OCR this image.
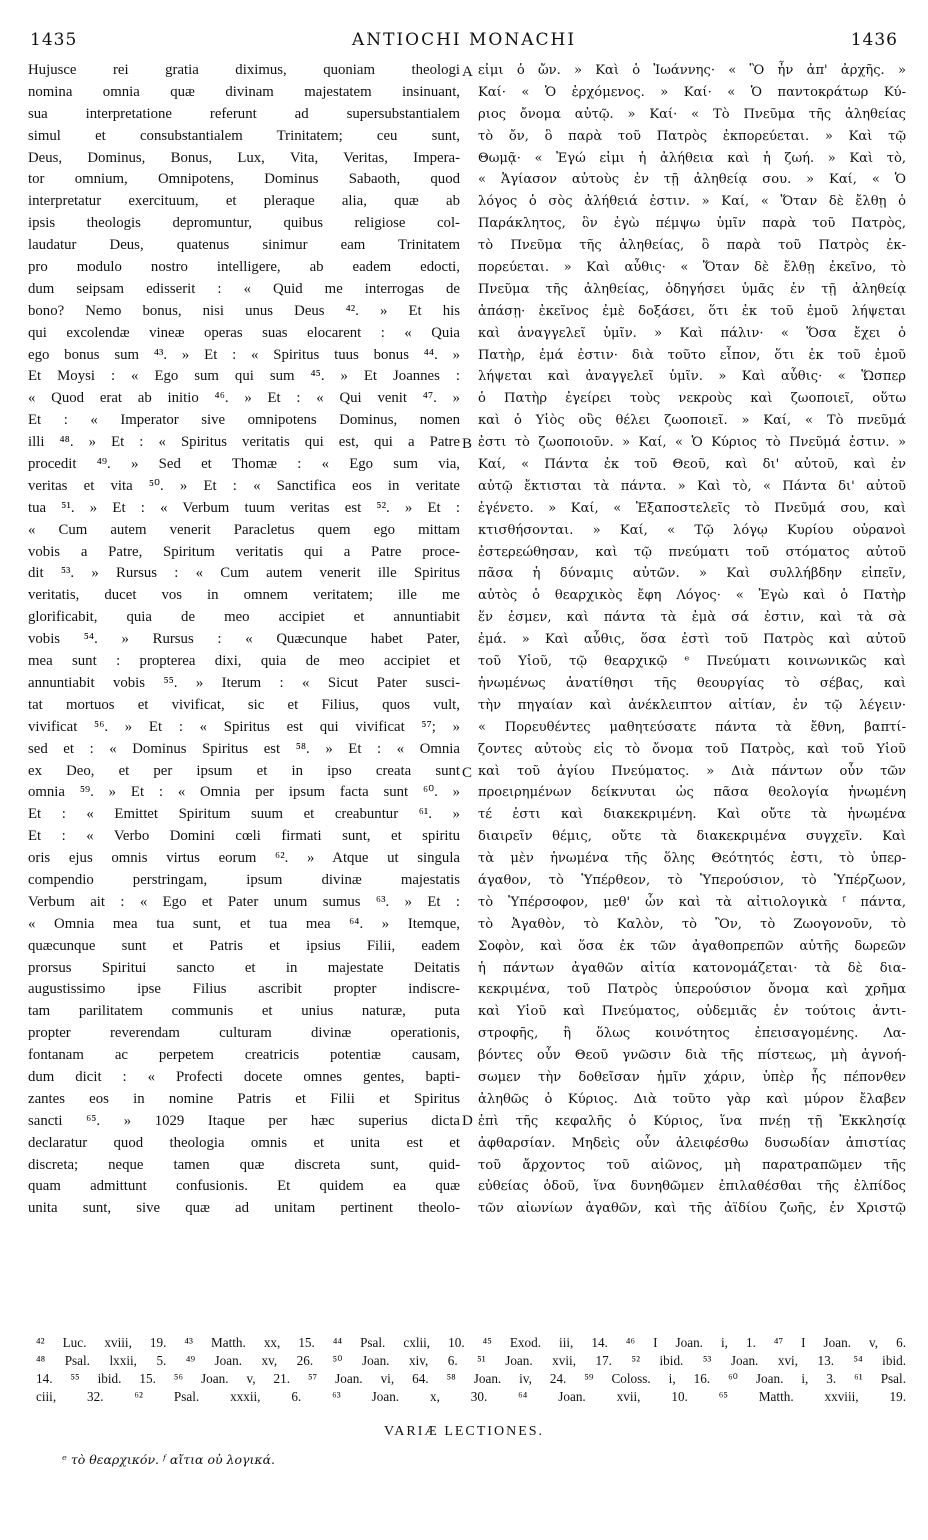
1435	ANTIOCHI MONACHI	1436
Hujusce rei gratia diximus, quoniam theologi
nomina omnia quæ divinam majestatem insinuant,
sua interpretatione referunt ad supersubstantialem
simul et consubstantialem Trinitatem; ceu sunt,
Deus, Dominus, Bonus, Lux, Vita, Veritas, Impera-
tor omnium, Omnipotens, Dominus Sabaoth, quod
interpretatur exercituum, et pleraque alia, quæ ab
ipsis theologis depromuntur, quibus religiose col-
laudatur Deus, quatenus sinimur eam Trinitatem
pro modulo nostro intelligere, ab eadem edocti,
dum seipsam edisserit : « Quid me interrogas de
bono? Nemo bonus, nisi unus Deus ⁴². » Et his
qui excolendæ vineæ operas suas elocarent : « Quia
ego bonus sum ⁴³. » Et : « Spiritus tuus bonus ⁴⁴. »
Et Moysi : « Ego sum qui sum ⁴⁵. » Et Joannes :
« Quod erat ab initio ⁴⁶. » Et : « Qui venit ⁴⁷. »
Et : « Imperator sive omnipotens Dominus, nomen
illi ⁴⁸. » Et : « Spiritus veritatis qui est, qui a Patre
procedit ⁴⁹. » Sed et Thomæ : « Ego sum via,
veritas et vita ⁵⁰. » Et : « Sanctifica eos in veritate
tua ⁵¹. » Et : « Verbum tuum veritas est ⁵². » Et :
« Cum autem venerit Paracletus quem ego mittam
vobis a Patre, Spiritum veritatis qui a Patre proce-
dit ⁵³. » Rursus : « Cum autem venerit ille Spiritus
veritatis, ducet vos in omnem veritatem; ille me
glorificabit, quia de meo accipiet et annuntiabit
vobis ⁵⁴. » Rursus : « Quæcunque habet Pater,
mea sunt : propterea dixi, quia de meo accipiet et
annuntiabit vobis ⁵⁵. » Iterum : « Sicut Pater susci-
tat mortuos et vivificat, sic et Filius, quos vult,
vivificat ⁵⁶. » Et : « Spiritus est qui vivificat ⁵⁷; »
sed et : « Dominus Spiritus est ⁵⁸. » Et : « Omnia
ex Deo, et per ipsum et in ipso creata sunt
omnia ⁵⁹. » Et : « Omnia per ipsum facta sunt ⁶⁰. »
Et : « Emittet Spiritum suum et creabuntur ⁶¹. »
Et : « Verbo Domini cœli firmati sunt, et spiritu
oris ejus omnis virtus eorum ⁶². » Atque ut singula
compendio perstringam, ipsum divinæ majestatis
Verbum ait : « Ego et Pater unum sumus ⁶³. » Et :
« Omnia mea tua sunt, et tua mea ⁶⁴. » Itemque,
quæcunque sunt et Patris et ipsius Filii, eadem
prorsus Spiritui sancto et in majestate Deitatis
augustissimo ipse Filius ascribit propter indiscre-
tam parilitatem communis et unius naturæ, puta
propter reverendam culturam divinæ operationis,
fontanam ac perpetem creatricis potentiæ causam,
dum dicit : « Profecti docete omnes gentes, bapti-
zantes eos in nomine Patris et Filii et Spiritus
sancti ⁶⁵. » 1029 Itaque per hæc superius dicta
declaratur quod theologia omnis et unita est et
discreta; neque tamen quæ discreta sunt, quid-
quam admittunt confusionis. Et quidem ea quæ
unita sunt, sive quæ ad unitam pertinent theolo-
εἰμι ὁ ὤν. » Καὶ ὁ Ἰωάννης· « Ὃ ἦν ἀπ' ἀρχῆς. »
Καί· « Ὁ ἐρχόμενος. » Καί· « Ὁ παντοκράτωρ Κύ-
ριος ὄνομα αὐτῷ. » Καί· « Τὸ Πνεῦμα τῆς ἀληθείας
τὸ ὄν, ὃ παρὰ τοῦ Πατρὸς ἐκπορεύεται. » Καὶ τῷ
Θωμᾷ· « Ἐγώ εἰμι ἡ ἀλήθεια καὶ ἡ ζωή. » Καὶ τὸ,
« Ἁγίασον αὐτοὺς ἐν τῇ ἀληθείᾳ σου. » Καί, « Ὁ
λόγος ὁ σὸς ἀλήθειά ἐστιν. » Καί, « Ὅταν δὲ ἔλθῃ ὁ
Παράκλητος, ὃν ἐγὼ πέμψω ὑμῖν παρὰ τοῦ Πατρὸς,
τὸ Πνεῦμα τῆς ἀληθείας, ὃ παρὰ τοῦ Πατρὸς ἐκ-
πορεύεται. » Καὶ αὖθις· « Ὅταν δὲ ἔλθῃ ἐκεῖνο, τὸ
Πνεῦμα τῆς ἀληθείας, ὁδηγήσει ὑμᾶς ἐν τῇ ἀληθείᾳ
ἁπάσῃ· ἐκεῖνος ἐμὲ δοξάσει, ὅτι ἐκ τοῦ ἐμοῦ λήψεται
καὶ ἀναγγελεῖ ὑμῖν. » Καὶ πάλιν· « Ὅσα ἔχει ὁ
Πατὴρ, ἐμά ἐστιν· διὰ τοῦτο εἶπον, ὅτι ἐκ τοῦ ἐμοῦ
λήψεται καὶ ἀναγγελεῖ ὑμῖν. » Καὶ αὖθις· « Ὥσπερ
ὁ Πατὴρ ἐγείρει τοὺς νεκροὺς καὶ ζωοποιεῖ, οὕτω
καὶ ὁ Υἱὸς οὓς θέλει ζωοποιεῖ. » Καί, « Τὸ πνεῦμά
ἐστι τὸ ζωοποιοῦν. » Καί, « Ὁ Κύριος τὸ Πνεῦμά ἐστιν. »
Καί, « Πάντα ἐκ τοῦ Θεοῦ, καὶ δι' αὐτοῦ, καὶ ἐν
αὐτῷ ἔκτισται τὰ πάντα. » Καὶ τὸ, « Πάντα δι' αὐτοῦ
ἐγένετο. » Καί, « Ἐξαποστελεῖς τὸ Πνεῦμά σου, καὶ
κτισθήσονται. » Καί, « Τῷ λόγῳ Κυρίου οὐρανοὶ
ἐστερεώθησαν, καὶ τῷ πνεύματι τοῦ στόματος αὐτοῦ
πᾶσα ἡ δύναμις αὐτῶν. » Καὶ συλλήβδην εἰπεῖν,
αὐτὸς ὁ θεαρχικὸς ἔφη Λόγος· « Ἐγὼ καὶ ὁ Πατὴρ
ἕν ἐσμεν, καὶ πάντα τὰ ἐμὰ σά ἐστιν, καὶ τὰ σὰ
ἐμά. » Καὶ αὖθις, ὅσα ἐστὶ τοῦ Πατρὸς καὶ αὐτοῦ
τοῦ Υἱοῦ, τῷ θεαρχικῷ ᵉ Πνεύματι κοινωνικῶς καὶ
ἡνωμένως ἀνατίθησι τῆς θεουργίας τὸ σέβας, καὶ
τὴν πηγαίαν καὶ ἀνέκλειπτον αἰτίαν, ἐν τῷ λέγειν·
« Πορευθέντες μαθητεύσατε πάντα τὰ ἔθνη, βαπτί-
ζοντες αὐτοὺς εἰς τὸ ὄνομα τοῦ Πατρὸς, καὶ τοῦ Υἱοῦ
καὶ τοῦ ἁγίου Πνεύματος. » Διὰ πάντων οὖν τῶν
προειρημένων δείκνυται ὡς πᾶσα θεολογία ἡνωμένη
τέ ἐστι καὶ διακεκριμένη. Καὶ οὔτε τὰ ἡνωμένα
διαιρεῖν θέμις, οὔτε τὰ διακεκριμένα συγχεῖν. Καὶ
τὰ μὲν ἡνωμένα τῆς ὅλης Θεότητός ἐστι, τὸ ὑπερ-
άγαθον, τὸ Ὑπέρθεον, τὸ Ὑπερούσιον, τὸ Ὑπέρζωον,
τὸ Ὑπέρσοφον, μεθ' ὧν καὶ τὰ αἰτιολογικὰ ᶠ πάντα,
τὸ Ἀγαθὸν, τὸ Καλὸν, τὸ Ὂν, τὸ Ζωογονοῦν, τὸ
Σοφὸν, καὶ ὅσα ἐκ τῶν ἀγαθοπρεπῶν αὐτῆς δωρεῶν
ἡ πάντων ἀγαθῶν αἰτία κατονομάζεται· τὰ δὲ δια-
κεκριμένα, τοῦ Πατρὸς ὑπερούσιον ὄνομα καὶ χρῆμα
καὶ Υἱοῦ καὶ Πνεύματος, οὐδεμιᾶς ἐν τούτοις ἀντι-
στροφῆς, ἢ ὅλως κοινότητος ἐπεισαγομένης. Λα-
βόντες οὖν Θεοῦ γνῶσιν διὰ τῆς πίστεως, μὴ ἀγνοή-
σωμεν τὴν δοθεῖσαν ἡμῖν χάριν, ὑπὲρ ἧς πέπονθεν
ἀληθῶς ὁ Κύριος. Διὰ τοῦτο γὰρ καὶ μύρον ἔλαβεν
ἐπὶ τῆς κεφαλῆς ὁ Κύριος, ἵνα πνέῃ τῇ Ἐκκλησίᾳ
ἀφθαρσίαν. Μηδεὶς οὖν ἀλειφέσθω δυσωδίαν ἀπιστίας
τοῦ ἄρχοντος τοῦ αἰῶνος, μὴ παρατραπῶμεν τῆς
εὐθείας ὁδοῦ, ἵνα δυνηθῶμεν ἐπιλαθέσθαι τῆς ἐλπίδος
τῶν αἰωνίων ἀγαθῶν, καὶ τῆς ἀϊδίου ζωῆς, ἐν Χριστῷ
A
B
C
D
⁴² Luc. xviii, 19. ⁴³ Matth. xx, 15. ⁴⁴ Psal. cxlii, 10. ⁴⁵ Exod. iii, 14. ⁴⁶ I Joan. i, 1. ⁴⁷ I Joan. v, 6.
⁴⁸ Psal. lxxii, 5. ⁴⁹ Joan. xv, 26. ⁵⁰ Joan. xiv, 6. ⁵¹ Joan. xvii, 17. ⁵² ibid. ⁵³ Joan. xvi, 13. ⁵⁴ ibid.
14. ⁵⁵ ibid. 15. ⁵⁶ Joan. v, 21. ⁵⁷ Joan. vi, 64. ⁵⁸ Joan. iv, 24. ⁵⁹ Coloss. i, 16. ⁶⁰ Joan. i, 3. ⁶¹ Psal.
ciii, 32. ⁶² Psal. xxxii, 6. ⁶³ Joan. x, 30. ⁶⁴ Joan. xvii, 10. ⁶⁵ Matth. xxviii, 19.
VARIÆ LECTIONES.
ᵉ τὸ θεαρχικόν. ᶠ αἴτια οὐ λογικά.
